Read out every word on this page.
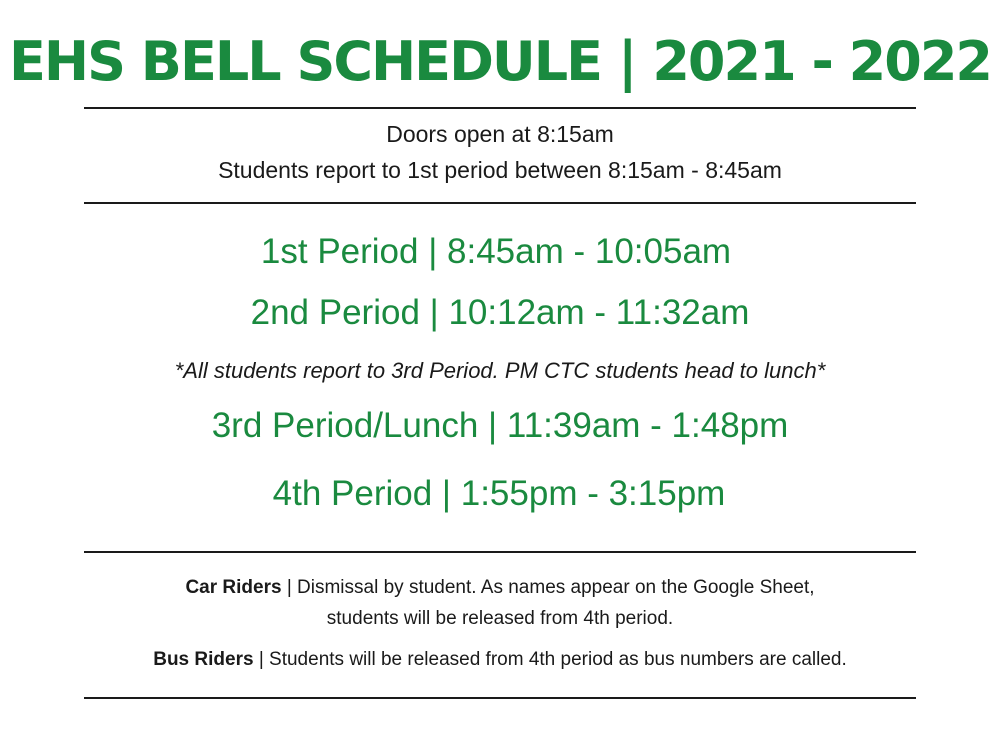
EHS BELL SCHEDULE | 2021 - 2022
Doors open at 8:15am
Students report to 1st period between 8:15am - 8:45am
1st Period | 8:45am - 10:05am
2nd Period | 10:12am - 11:32am
*All students report to 3rd Period. PM CTC students head to lunch*
3rd Period/Lunch | 11:39am - 1:48pm
4th Period | 1:55pm - 3:15pm
Car Riders | Dismissal by student. As names appear on the Google Sheet,
students will be released from 4th period.
Bus Riders | Students will be released from 4th period as bus numbers are called.
